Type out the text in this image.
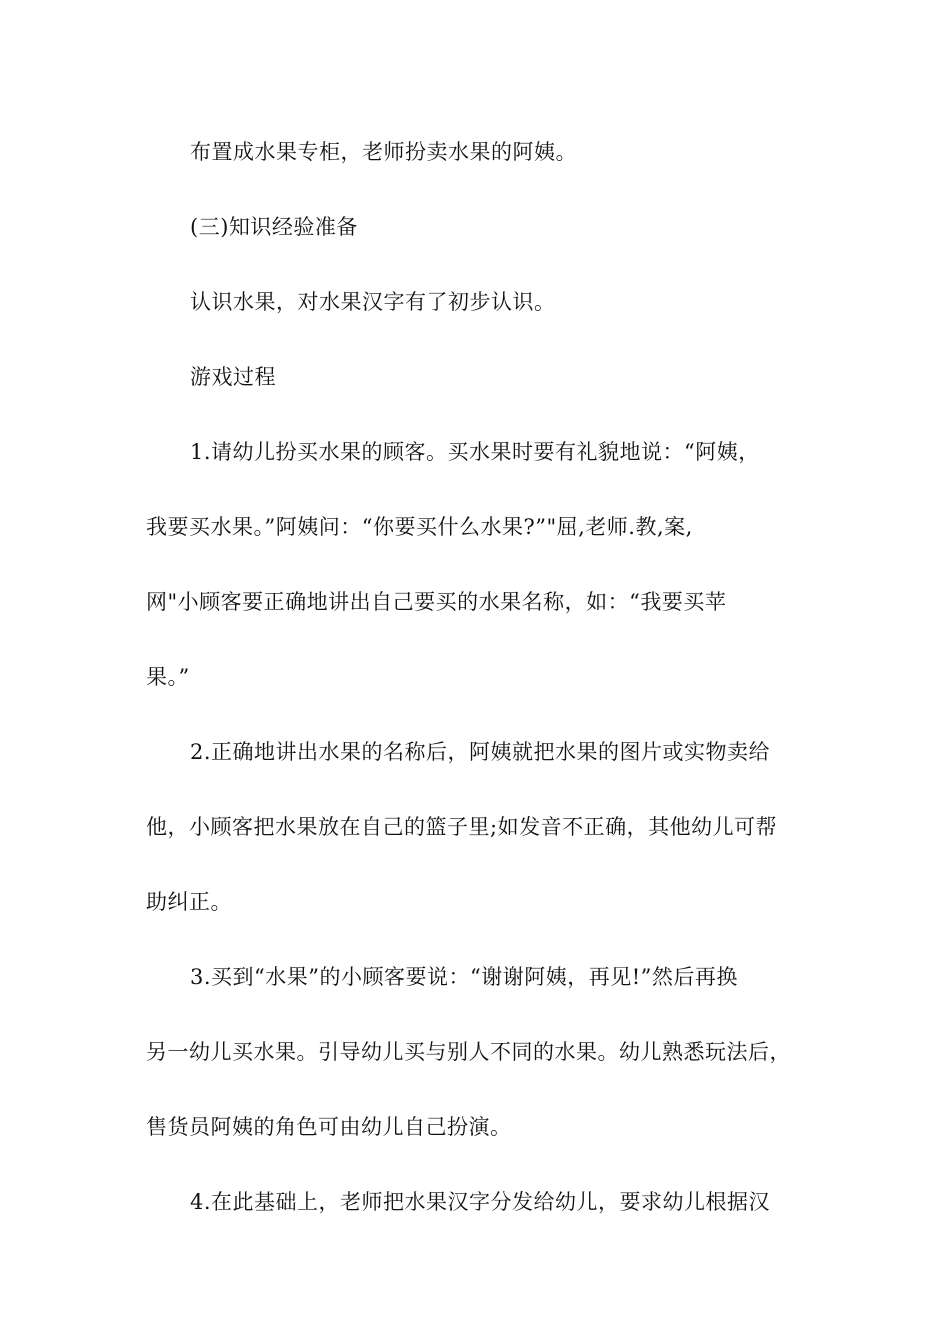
布置成水果专柜，老师扮卖水果的阿姨。
(三)知识经验准备
认识水果，对水果汉字有了初步认识。
游戏过程
1.请幼儿扮买水果的顾客。买水果时要有礼貌地说：“阿姨，
我要买水果。”阿姨问：“你要买什么水果?”"屈,老师.教,案,
网"小顾客要正确地讲出自己要买的水果名称，如：“我要买苹
果。”
2.正确地讲出水果的名称后，阿姨就把水果的图片或实物卖给
他，小顾客把水果放在自己的篮子里;如发音不正确，其他幼儿可帮
助纠正。
3.买到“水果”的小顾客要说：“谢谢阿姨，再见!”然后再换
另一幼儿买水果。引导幼儿买与别人不同的水果。幼儿熟悉玩法后，
售货员阿姨的角色可由幼儿自己扮演。
4.在此基础上，老师把水果汉字分发给幼儿，要求幼儿根据汉
